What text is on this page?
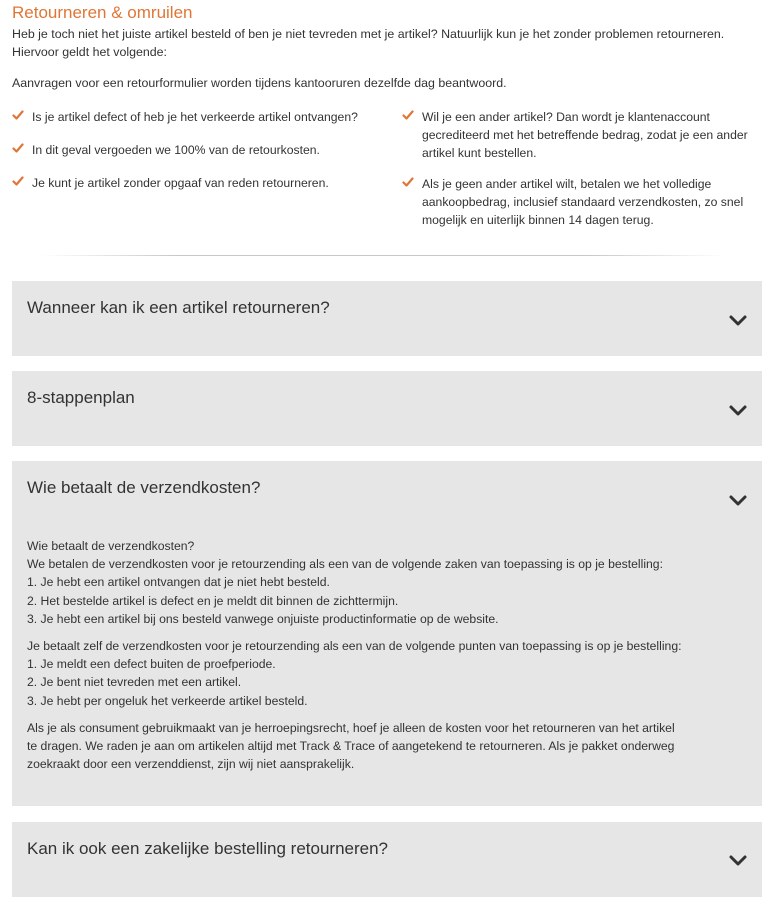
Retourneren & omruilen
Heb je toch niet het juiste artikel besteld of ben je niet tevreden met je artikel? Natuurlijk kun je het zonder problemen retourneren. Hiervoor geldt het volgende:
Aanvragen voor een retourformulier worden tijdens kantooruren dezelfde dag beantwoord.
Is je artikel defect of heb je het verkeerde artikel ontvangen?
In dit geval vergoeden we 100% van de retourkosten.
Je kunt je artikel zonder opgaaf van reden retourneren.
Wil je een ander artikel? Dan wordt je klantenaccount gecrediteerd met het betreffende bedrag, zodat je een ander artikel kunt bestellen.
Als je geen ander artikel wilt, betalen we het volledige aankoopbedrag, inclusief standaard verzendkosten, zo snel mogelijk en uiterlijk binnen 14 dagen terug.
Wanneer kan ik een artikel retourneren?
8-stappenplan
Wie betaalt de verzendkosten?

Wie betaalt de verzendkosten?
We betalen de verzendkosten voor je retourzending als een van de volgende zaken van toepassing is op je bestelling:
1. Je hebt een artikel ontvangen dat je niet hebt besteld.
2. Het bestelde artikel is defect en je meldt dit binnen de zichttermijn.
3. Je hebt een artikel bij ons besteld vanwege onjuiste productinformatie op de website.

Je betaalt zelf de verzendkosten voor je retourzending als een van de volgende punten van toepassing is op je bestelling:
1. Je meldt een defect buiten de proefperiode.
2. Je bent niet tevreden met een artikel.
3. Je hebt per ongeluk het verkeerde artikel besteld.

Als je als consument gebruikmaakt van je herroepingsrecht, hoef je alleen de kosten voor het retourneren van het artikel
te dragen. We raden je aan om artikelen altijd met Track & Trace of aangetekend te retourneren. Als je pakket onderweg
zoekraakt door een verzenddienst, zijn wij niet aansprakelijk.

Kan ik ook een zakelijke bestelling retourneren?
